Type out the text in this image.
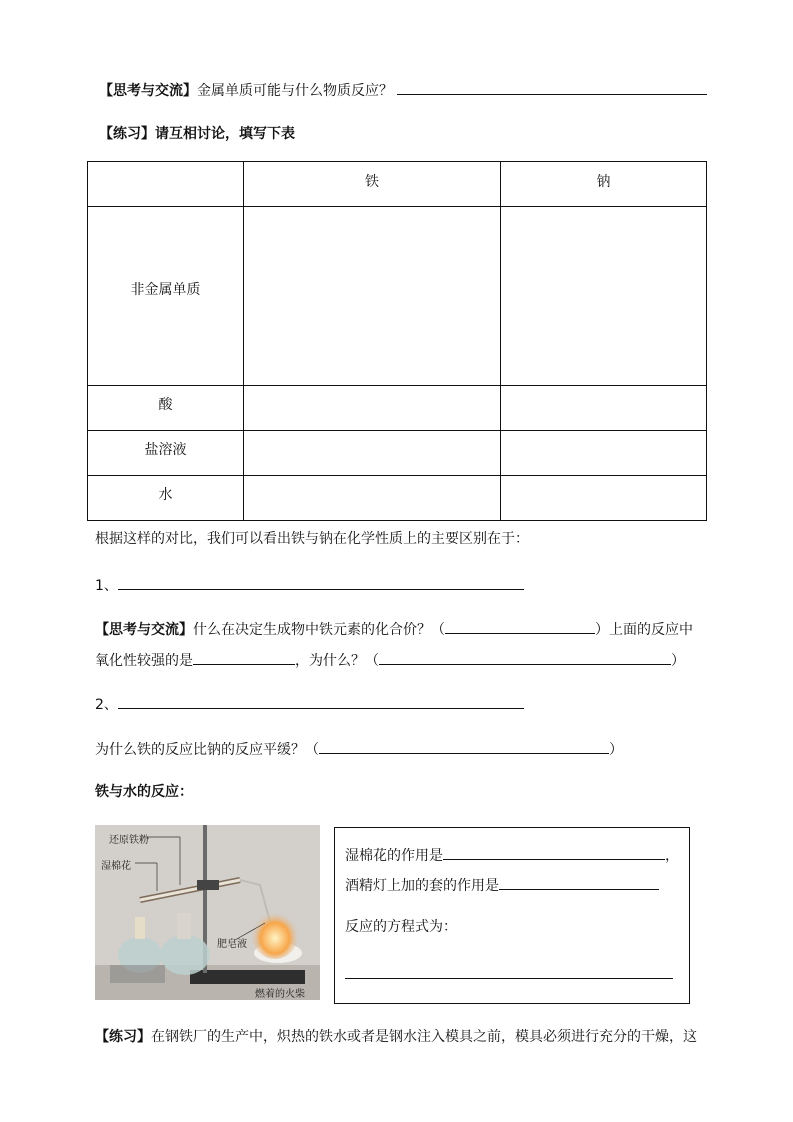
【思考与交流】金属单质可能与什么物质反应？
【练习】请互相讨论，填写下表
	铁	钠
非金属单质		
酸		
盐溶液		
水		
根据这样的对比，我们可以看出铁与钠在化学性质上的主要区别在于：
1、
【思考与交流】什么在决定生成物中铁元素的化合价？（	）上面的反应中
氧化性较强的是	，为什么？（	）
2、
为什么铁的反应比钠的反应平缓？（	）
铁与水的反应：
还原铁粉
湿棉花
肥皂液
燃着的火柴
湿棉花的作用是	，
酒精灯上加的套的作用是
反应的方程式为：
【练习】在钢铁厂的生产中，炽热的铁水或者是钢水注入模具之前，模具必须进行充分的干燥，这
